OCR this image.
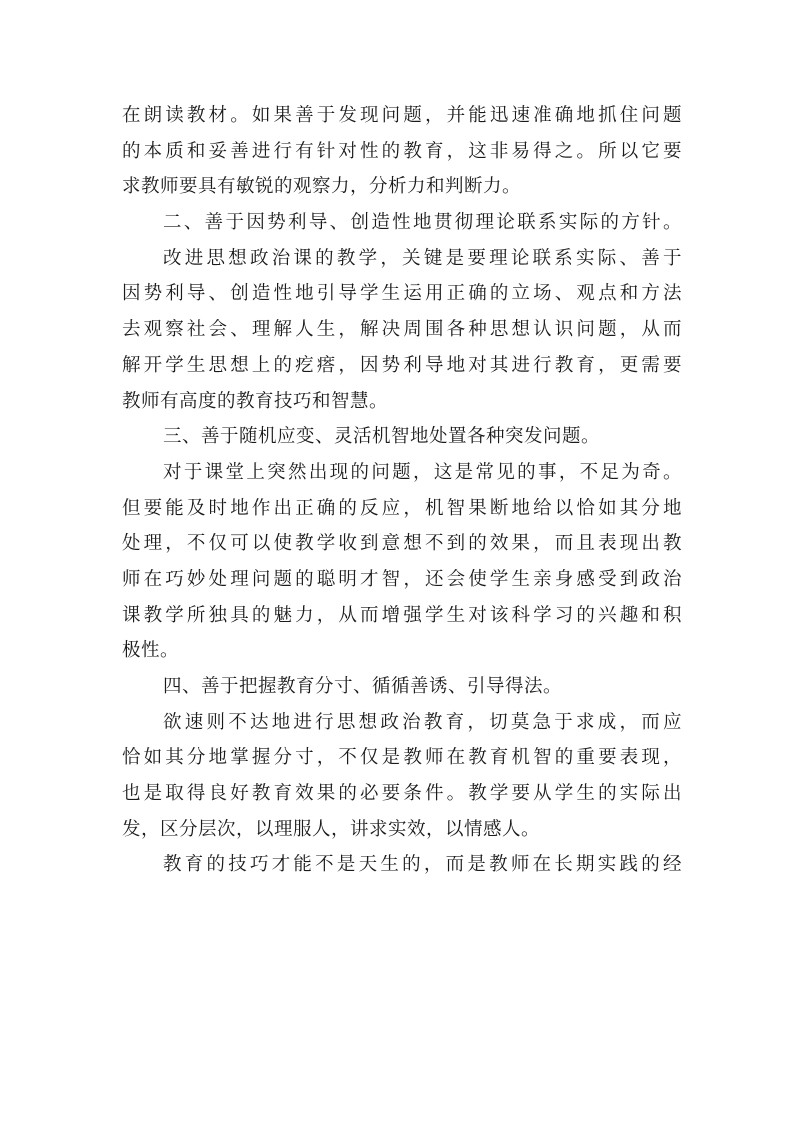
在朗读教材。如果善于发现问题，并能迅速准确地抓住问题
的本质和妥善进行有针对性的教育，这非易得之。所以它要
求教师要具有敏锐的观察力，分析力和判断力。
二、善于因势利导、创造性地贯彻理论联系实际的方针。
改进思想政治课的教学，关键是要理论联系实际、善于
因势利导、创造性地引导学生运用正确的立场、观点和方法
去观察社会、理解人生，解决周围各种思想认识问题，从而
解开学生思想上的疙瘩，因势利导地对其进行教育，更需要
教师有高度的教育技巧和智慧。
三、善于随机应变、灵活机智地处置各种突发问题。
对于课堂上突然出现的问题，这是常见的事，不足为奇。
但要能及时地作出正确的反应，机智果断地给以恰如其分地
处理，不仅可以使教学收到意想不到的效果，而且表现出教
师在巧妙处理问题的聪明才智，还会使学生亲身感受到政治
课教学所独具的魅力，从而增强学生对该科学习的兴趣和积
极性。
四、善于把握教育分寸、循循善诱、引导得法。
欲速则不达地进行思想政治教育，切莫急于求成，而应
恰如其分地掌握分寸，不仅是教师在教育机智的重要表现，
也是取得良好教育效果的必要条件。教学要从学生的实际出
发，区分层次，以理服人，讲求实效，以情感人。
教育的技巧才能不是天生的，而是教师在长期实践的经
